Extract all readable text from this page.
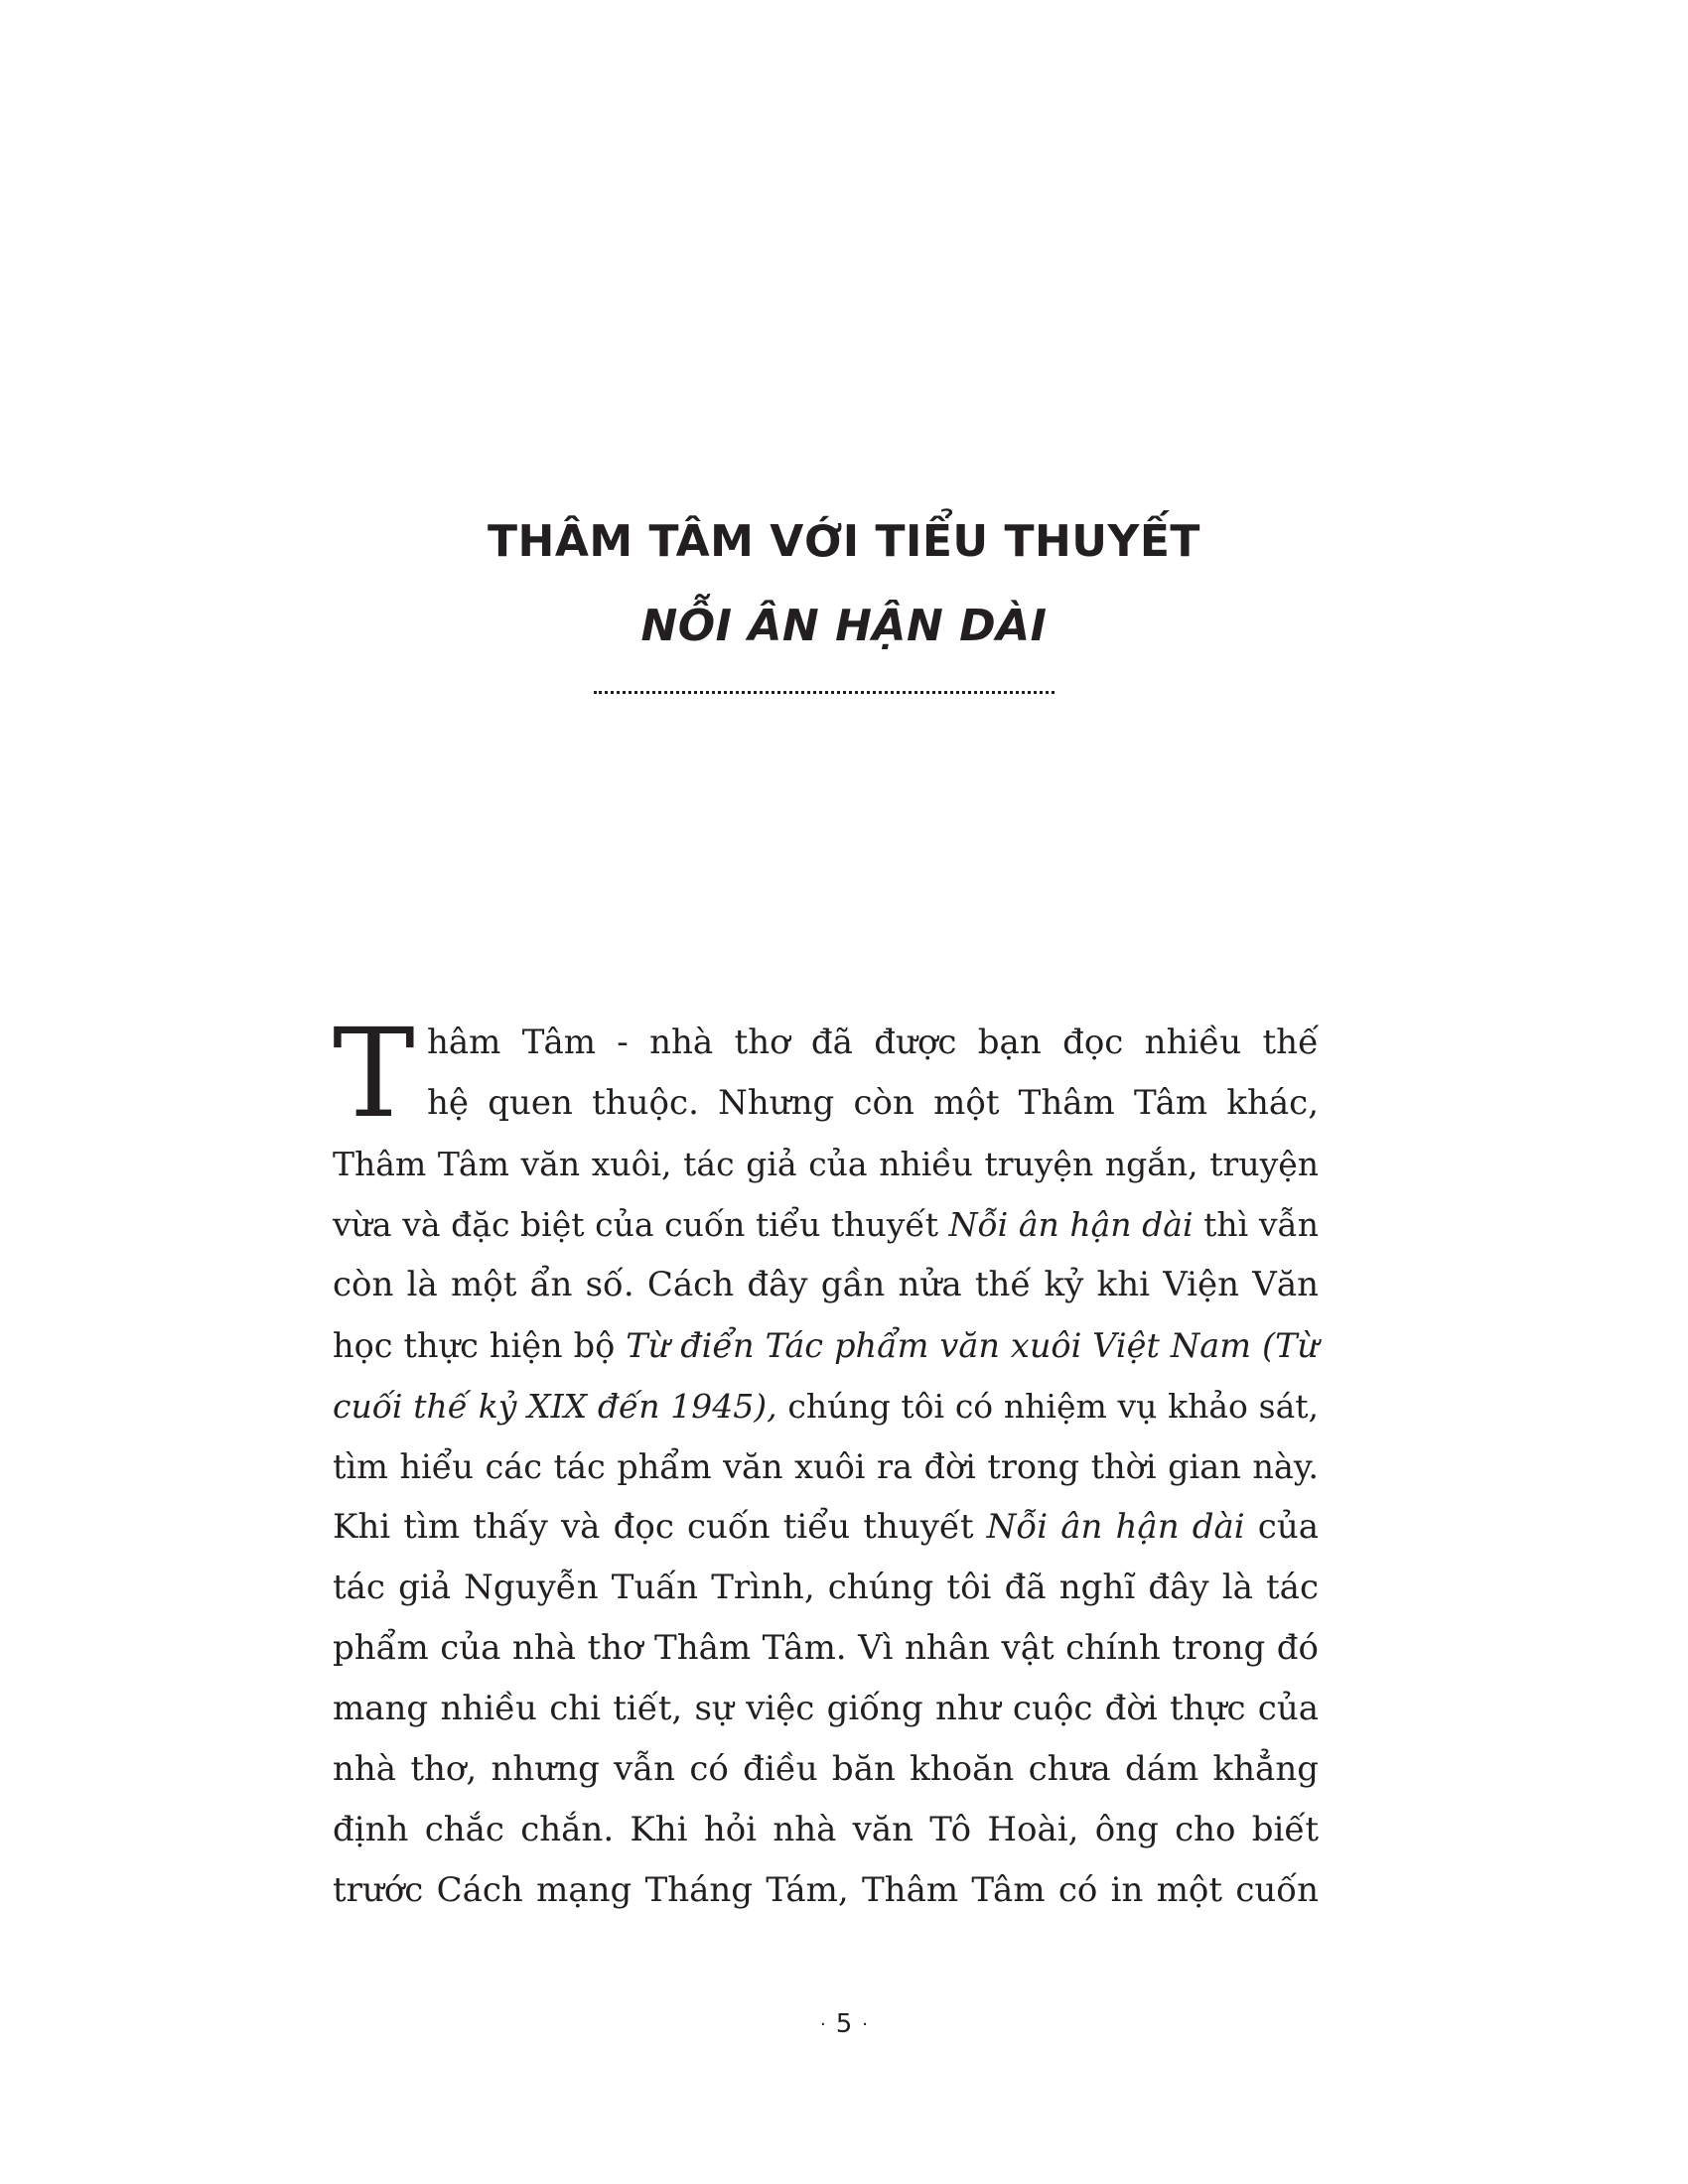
THÂM TÂM VỚI TIỂU THUYẾT
NỖI ÂN HẬN DÀI
T hâm Tâm - nhà thơ đã được bạn đọc nhiều thế
hệ quen thuộc. Nhưng còn một Thâm Tâm khác,
Thâm Tâm văn xuôi, tác giả của nhiều truyện ngắn, truyện
vừa và đặc biệt của cuốn tiểu thuyết Nỗi ân hận dài thì vẫn
còn là một ẩn số. Cách đây gần nửa thế kỷ khi Viện Văn
học thực hiện bộ Từ điển Tác phẩm văn xuôi Việt Nam (Từ
cuối thế kỷ XIX đến 1945), chúng tôi có nhiệm vụ khảo sát,
tìm hiểu các tác phẩm văn xuôi ra đời trong thời gian này.
Khi tìm thấy và đọc cuốn tiểu thuyết Nỗi ân hận dài của
tác giả Nguyễn Tuấn Trình, chúng tôi đã nghĩ đây là tác
phẩm của nhà thơ Thâm Tâm. Vì nhân vật chính trong đó
mang nhiều chi tiết, sự việc giống như cuộc đời thực của
nhà thơ, nhưng vẫn có điều băn khoăn chưa dám khẳng
định chắc chắn. Khi hỏi nhà văn Tô Hoài, ông cho biết
trước Cách mạng Tháng Tám, Thâm Tâm có in một cuốn
· 5 ·
